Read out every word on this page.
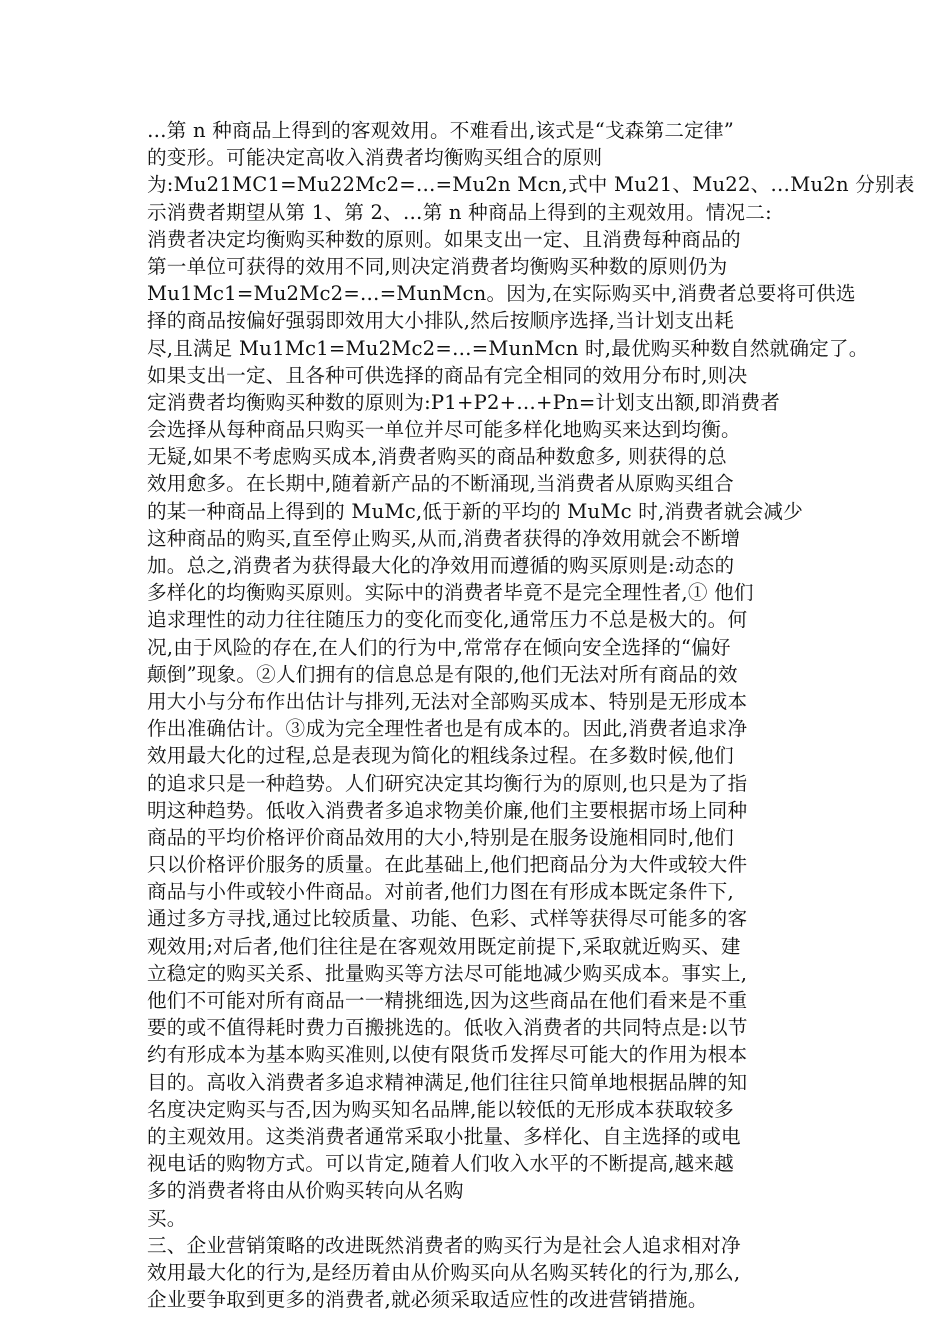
…第 n 种商品上得到的客观效用。不难看出,该式是“戈森第二定律”
的变形。可能决定高收入消费者均衡购买组合的原则
为:Mu21MC1=Mu22Mc2=…=Mu2n Mcn,式中 Mu21、Mu22、…Mu2n 分别表
示消费者期望从第 1、第 2、…第 n 种商品上得到的主观效用。情况二:
消费者决定均衡购买种数的原则。如果支出一定、且消费每种商品的
第一单位可获得的效用不同,则决定消费者均衡购买种数的原则仍为
Mu1Mc1=Mu2Mc2=…=MunMcn。因为,在实际购买中,消费者总要将可供选
择的商品按偏好强弱即效用大小排队,然后按顺序选择,当计划支出耗
尽,且满足 Mu1Mc1=Mu2Mc2=…=MunMcn 时,最优购买种数自然就确定了。
如果支出一定、且各种可供选择的商品有完全相同的效用分布时,则决
定消费者均衡购买种数的原则为:P1+P2+…+Pn=计划支出额,即消费者
会选择从每种商品只购买一单位并尽可能多样化地购买来达到均衡。
无疑,如果不考虑购买成本,消费者购买的商品种数愈多, 则获得的总
效用愈多。在长期中,随着新产品的不断涌现,当消费者从原购买组合
的某一种商品上得到的 MuMc,低于新的平均的 MuMc 时,消费者就会减少
这种商品的购买,直至停止购买,从而,消费者获得的净效用就会不断增
加。总之,消费者为获得最大化的净效用而遵循的购买原则是:动态的
多样化的均衡购买原则。实际中的消费者毕竟不是完全理性者,① 他们
追求理性的动力往往随压力的变化而变化,通常压力不总是极大的。何
况,由于风险的存在,在人们的行为中,常常存在倾向安全选择的“偏好
颠倒”现象。②人们拥有的信息总是有限的,他们无法对所有商品的效
用大小与分布作出估计与排列,无法对全部购买成本、特别是无形成本
作出准确估计。③成为完全理性者也是有成本的。因此,消费者追求净
效用最大化的过程,总是表现为简化的粗线条过程。在多数时候,他们
的追求只是一种趋势。人们研究决定其均衡行为的原则,也只是为了指
明这种趋势。低收入消费者多追求物美价廉,他们主要根据市场上同种
商品的平均价格评价商品效用的大小,特别是在服务设施相同时,他们
只以价格评价服务的质量。在此基础上,他们把商品分为大件或较大件
商品与小件或较小件商品。对前者,他们力图在有形成本既定条件下,
通过多方寻找,通过比较质量、功能、色彩、式样等获得尽可能多的客
观效用;对后者,他们往往是在客观效用既定前提下,采取就近购买、建
立稳定的购买关系、批量购买等方法尽可能地减少购买成本。事实上,
他们不可能对所有商品一一精挑细选,因为这些商品在他们看来是不重
要的或不值得耗时费力百搬挑选的。低收入消费者的共同特点是:以节
约有形成本为基本购买准则,以使有限货币发挥尽可能大的作用为根本
目的。高收入消费者多追求精神满足,他们往往只简单地根据品牌的知
名度决定购买与否,因为购买知名品牌,能以较低的无形成本获取较多
的主观效用。这类消费者通常采取小批量、多样化、自主选择的或电
视电话的购物方式。可以肯定,随着人们收入水平的不断提高,越来越
多的消费者将由从价购买转向从名购
买。
三、企业营销策略的改进既然消费者的购买行为是社会人追求相对净
效用最大化的行为,是经历着由从价购买向从名购买转化的行为,那么,
企业要争取到更多的消费者,就必须采取适应性的改进营销措施。
